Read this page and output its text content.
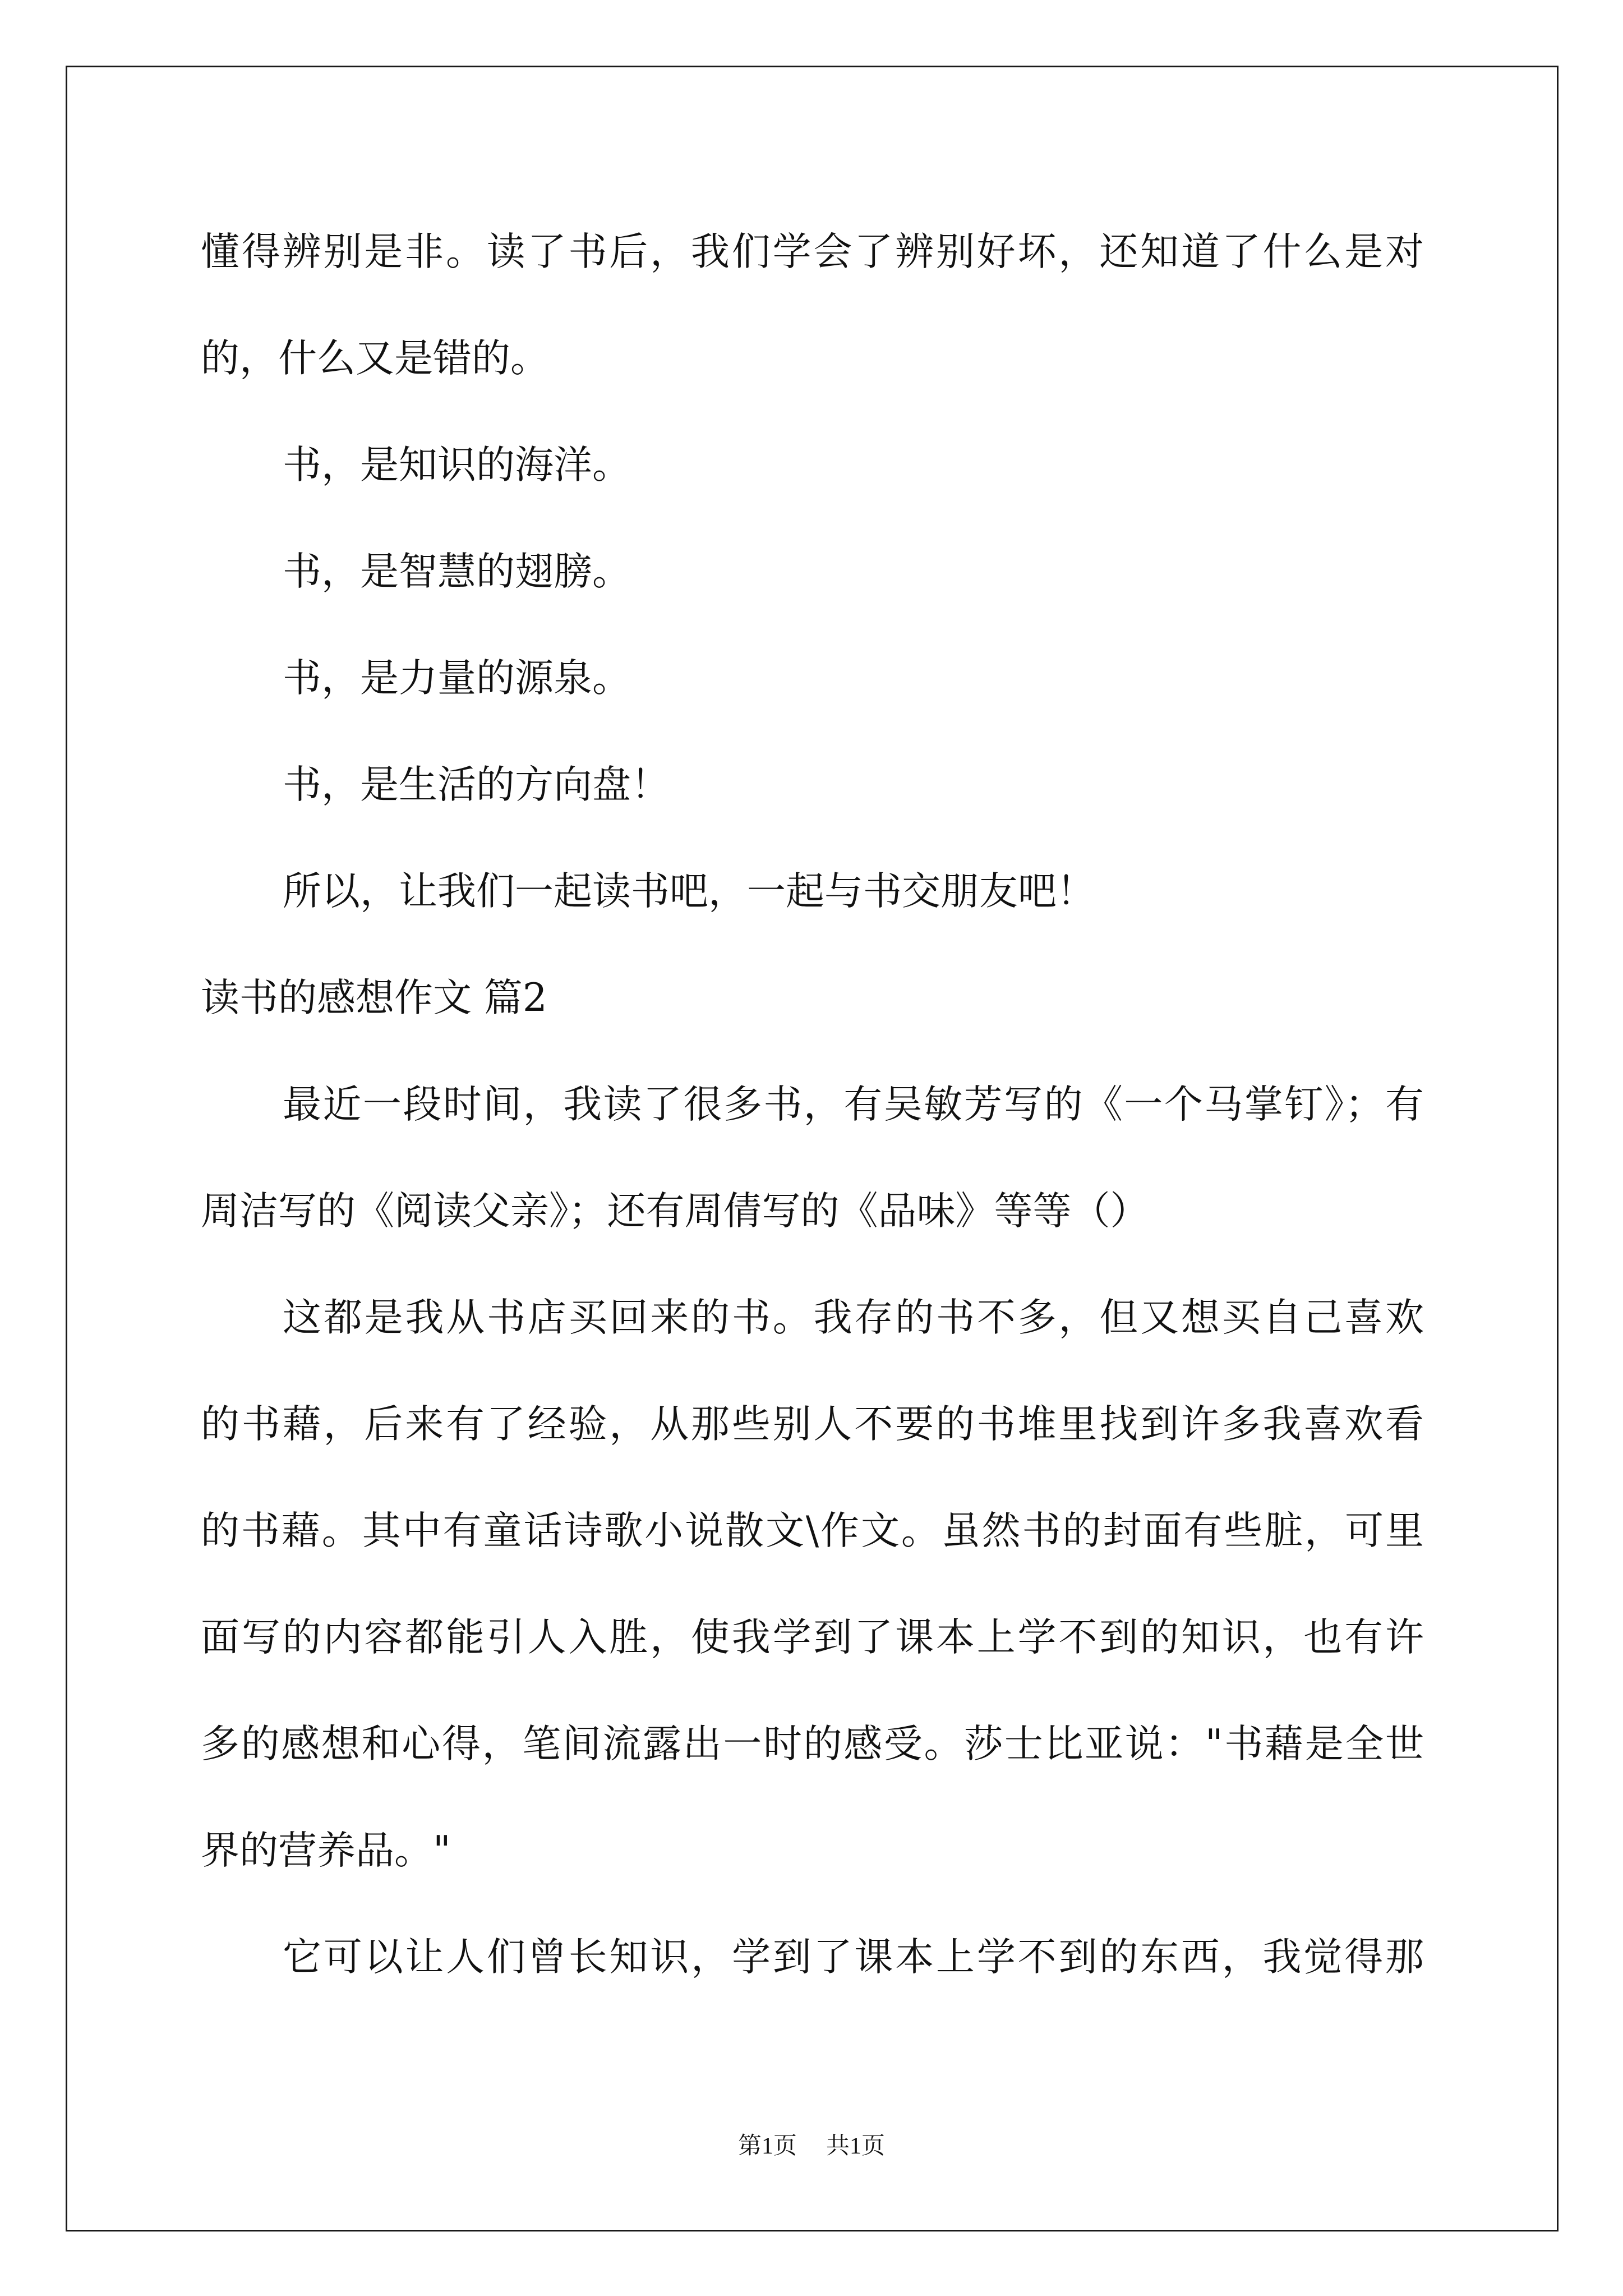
懂得辨别是非。读了书后，我们学会了辨别好坏，还知道了什么是对
的，什么又是错的。
书，是知识的海洋。
书，是智慧的翅膀。
书，是力量的源泉。
书，是生活的方向盘！
所以，让我们一起读书吧，一起与书交朋友吧！
读书的感想作文 篇2
最近一段时间，我读了很多书，有吴敏芳写的《一个马掌钉》；有
周洁写的《阅读父亲》；还有周倩写的《品味》等等（）
这都是我从书店买回来的书。我存的书不多，但又想买自己喜欢
的书藉，后来有了经验，从那些别人不要的书堆里找到许多我喜欢看
的书藉。其中有童话诗歌小说散文\作文。虽然书的封面有些脏，可里
面写的内容都能引人入胜，使我学到了课本上学不到的知识，也有许
多的感想和心得，笔间流露出一时的感受。莎士比亚说："书藉是全世
界的营养品。"
它可以让人们曾长知识，学到了课本上学不到的东西，我觉得那
第1页 共1页
